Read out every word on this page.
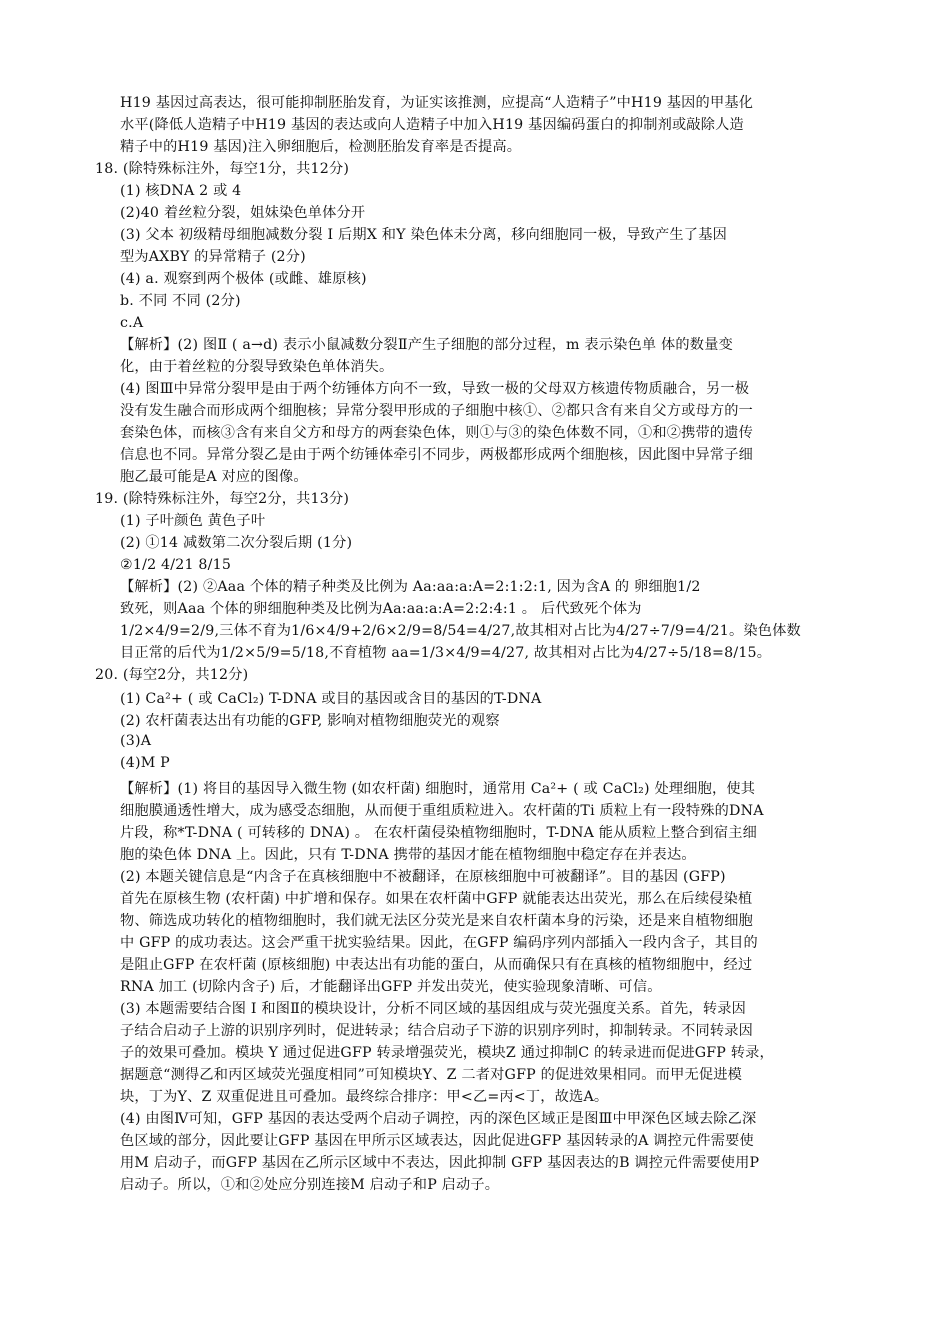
H19 基因过高表达，很可能抑制胚胎发育，为证实该推测，应提高“人造精子”中H19 基因的甲基化
水平(降低人造精子中H19 基因的表达或向人造精子中加入H19 基因编码蛋白的抑制剂或敲除人造
精子中的H19 基因)注入卵细胞后，检测胚胎发育率是否提高。
18. (除特殊标注外，每空1分，共12分)
(1) 核DNA 2 或 4
(2)40 着丝粒分裂，姐妹染色单体分开
(3) 父本 初级精母细胞减数分裂 I 后期X 和Y 染色体未分离，移向细胞同一极，导致产生了基因
型为AXBY 的异常精子 (2分)
(4) a. 观察到两个极体 (或雌、雄原核)
b. 不同 不同 (2分)
c.A
【解析】(2) 图Ⅱ ( a→d) 表示小鼠减数分裂Ⅱ产生子细胞的部分过程，m 表示染色单 体的数量变
化，由于着丝粒的分裂导致染色单体消失。
(4) 图Ⅲ中异常分裂甲是由于两个纺锤体方向不一致，导致一极的父母双方核遗传物质融合，另一极
没有发生融合而形成两个细胞核；异常分裂甲形成的子细胞中核①、②都只含有来自父方或母方的一
套染色体，而核③含有来自父方和母方的两套染色体，则①与③的染色体数不同，①和②携带的遗传
信息也不同。异常分裂乙是由于两个纺锤体牵引不同步，两极都形成两个细胞核，因此图中异常子细
胞乙最可能是A 对应的图像。
19. (除特殊标注外，每空2分，共13分)
(1) 子叶颜色 黄色子叶
(2) ①14 减数第二次分裂后期 (1分)
②1/2 4/21 8/15
【解析】(2) ②Aaa 个体的精子种类及比例为 Aa:aa:a:A=2:1:2:1, 因为含A 的 卵细胞1/2
致死，则Aaa 个体的卵细胞种类及比例为Aa:aa:a:A=2:2:4:1 。 后代致死个体为
1/2×4/9=2/9,三体不育为1/6×4/9+2/6×2/9=8/54=4/27,故其相对占比为4/27÷7/9=4/21。染色体数
目正常的后代为1/2×5/9=5/18,不育植物 aa=1/3×4/9=4/27, 故其相对占比为4/27÷5/18=8/15。
20. (每空2分，共12分)
(1) Ca²+ ( 或 CaCl₂) T-DNA 或目的基因或含目的基因的T-DNA
(2) 农杆菌表达出有功能的GFP, 影响对植物细胞荧光的观察
(3)A
(4)M P
【解析】(1) 将目的基因导入微生物 (如农杆菌) 细胞时，通常用 Ca²+ ( 或 CaCl₂) 处理细胞，使其
细胞膜通透性增大，成为感受态细胞，从而便于重组质粒进入。农杆菌的Ti 质粒上有一段特殊的DNA
片段，称*T-DNA ( 可转移的 DNA) 。 在农杆菌侵染植物细胞时，T-DNA 能从质粒上整合到宿主细
胞的染色体 DNA 上。因此，只有 T-DNA 携带的基因才能在植物细胞中稳定存在并表达。
(2) 本题关键信息是“内含子在真核细胞中不被翻译，在原核细胞中可被翻译”。目的基因 (GFP)
首先在原核生物 (农杆菌) 中扩增和保存。如果在农杆菌中GFP 就能表达出荧光，那么在后续侵染植
物、筛选成功转化的植物细胞时，我们就无法区分荧光是来自农杆菌本身的污染，还是来自植物细胞
中 GFP 的成功表达。这会严重干扰实验结果。因此，在GFP 编码序列内部插入一段内含子，其目的
是阻止GFP 在农杆菌 (原核细胞) 中表达出有功能的蛋白，从而确保只有在真核的植物细胞中，经过
RNA 加工 (切除内含子) 后，才能翻译出GFP 并发出荧光，使实验现象清晰、可信。
(3) 本题需要结合图 I 和图Ⅱ的模块设计，分析不同区域的基因组成与荧光强度关系。首先，转录因
子结合启动子上游的识别序列时，促进转录；结合启动子下游的识别序列时，抑制转录。不同转录因
子的效果可叠加。模块 Y 通过促进GFP 转录增强荧光，模块Z 通过抑制C 的转录进而促进GFP 转录，
据题意“测得乙和丙区域荧光强度相同”可知模块Y、Z 二者对GFP 的促进效果相同。而甲无促进模
块，丁为Y、Z 双重促进且可叠加。最终综合排序：甲<乙=丙<丁，故选A。
(4) 由图Ⅳ可知，GFP 基因的表达受两个启动子调控，丙的深色区域正是图Ⅲ中甲深色区域去除乙深
色区域的部分，因此要让GFP 基因在甲所示区域表达，因此促进GFP 基因转录的A 调控元件需要使
用M 启动子，而GFP 基因在乙所示区域中不表达，因此抑制 GFP 基因表达的B 调控元件需要使用P
启动子。所以，①和②处应分别连接M 启动子和P 启动子。
